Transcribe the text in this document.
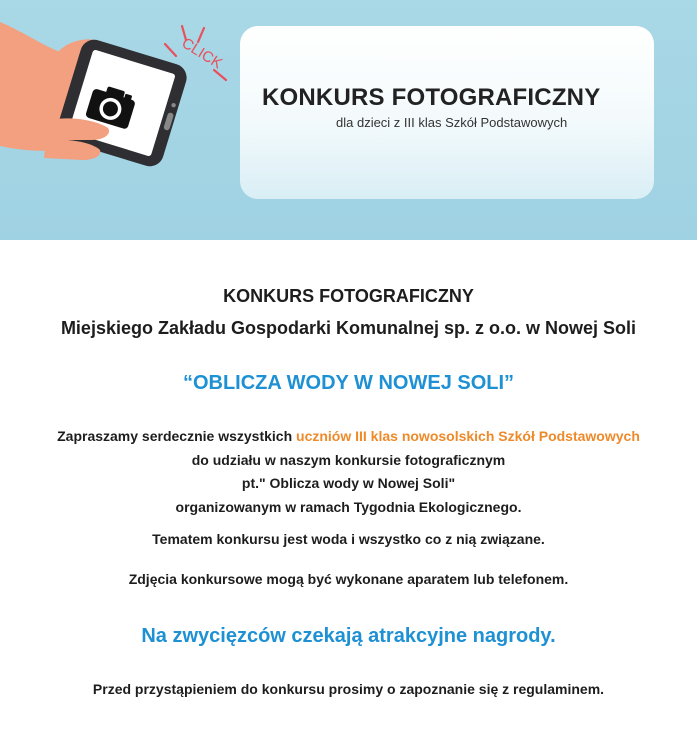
CLICK
KONKURS FOTOGRAFICZNY
dla dzieci z III klas Szkół Podstawowych
KONKURS FOTOGRAFICZNY
Miejskiego Zakładu Gospodarki Komunalnej sp. z o.o. w Nowej Soli
“OBLICZA WODY W NOWEJ SOLI”
Zapraszamy serdecznie wszystkich uczniów III klas nowosolskich Szkół Podstawowych
do udziału w naszym konkursie fotograficznym
pt." Oblicza wody w Nowej Soli"
organizowanym w ramach Tygodnia Ekologicznego.
Tematem konkursu jest woda i wszystko co z nią związane.
Zdjęcia konkursowe mogą być wykonane aparatem lub telefonem.
Na zwycięzców czekają atrakcyjne nagrody.
Przed przystąpieniem do konkursu prosimy o zapoznanie się z regulaminem.
